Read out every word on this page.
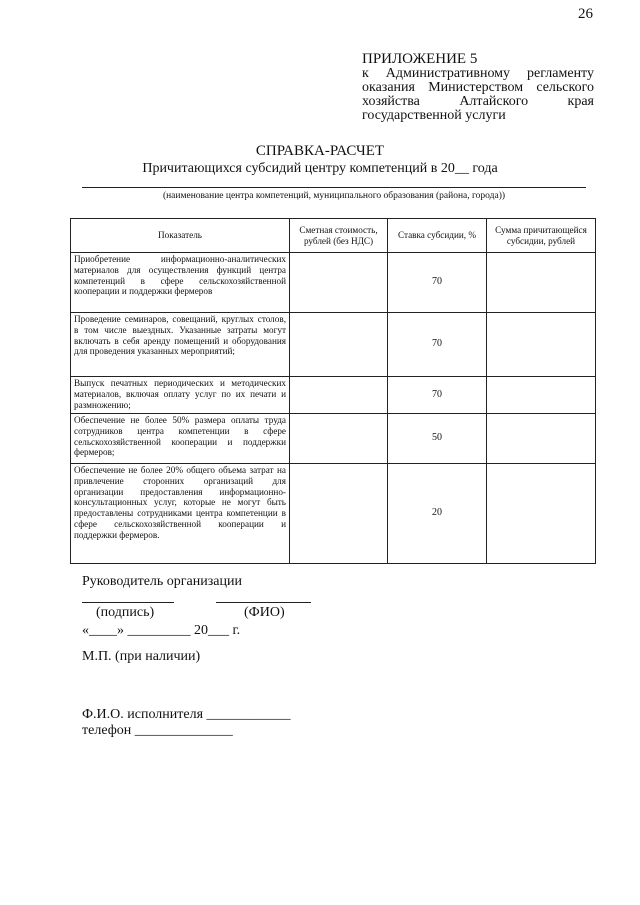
26
ПРИЛОЖЕНИЕ 5
к Административному регламенту оказания Министерством сельского хозяйства Алтайского края государственной услуги
СПРАВКА-РАСЧЕТ
Причитающихся субсидий центру компетенций в 20__ года
(наименование центра компетенций, муниципального образования (района, города))
Показатель	Сметная стоимость, рублей (без НДС)	Ставка субсидии, %	Сумма причитающейся субсидии, рублей
Приобретение информационно-аналитических материалов для осуществления функций центра компетенций в сфере сельскохозяйственной кооперации и поддержки фермеров		70	
Проведение семинаров, совещаний, круглых столов, в том числе выездных. Указанные затраты могут включать в себя аренду помещений и оборудования для проведения указанных мероприятий;		70	
Выпуск печатных периодических и методических материалов, включая оплату услуг по их печати и размножению;		70	
Обеспечение не более 50% размера оплаты труда сотрудников центра компетенции в сфере сельскохозяйственной кооперации и поддержки фермеров;		50	
Обеспечение не более 20% общего объема затрат на привлечение сторонних организаций для организации предоставления информационно-консультационных услуг, которые не могут быть предоставлены сотрудниками центра компетенции в сфере сельскохозяйственной кооперации и поддержки фермеров.		20	
Руководитель организации
(подпись)	(ФИО)
«____» _________ 20___ г.
М.П. (при наличии)
Ф.И.О. исполнителя ____________
телефон ______________
